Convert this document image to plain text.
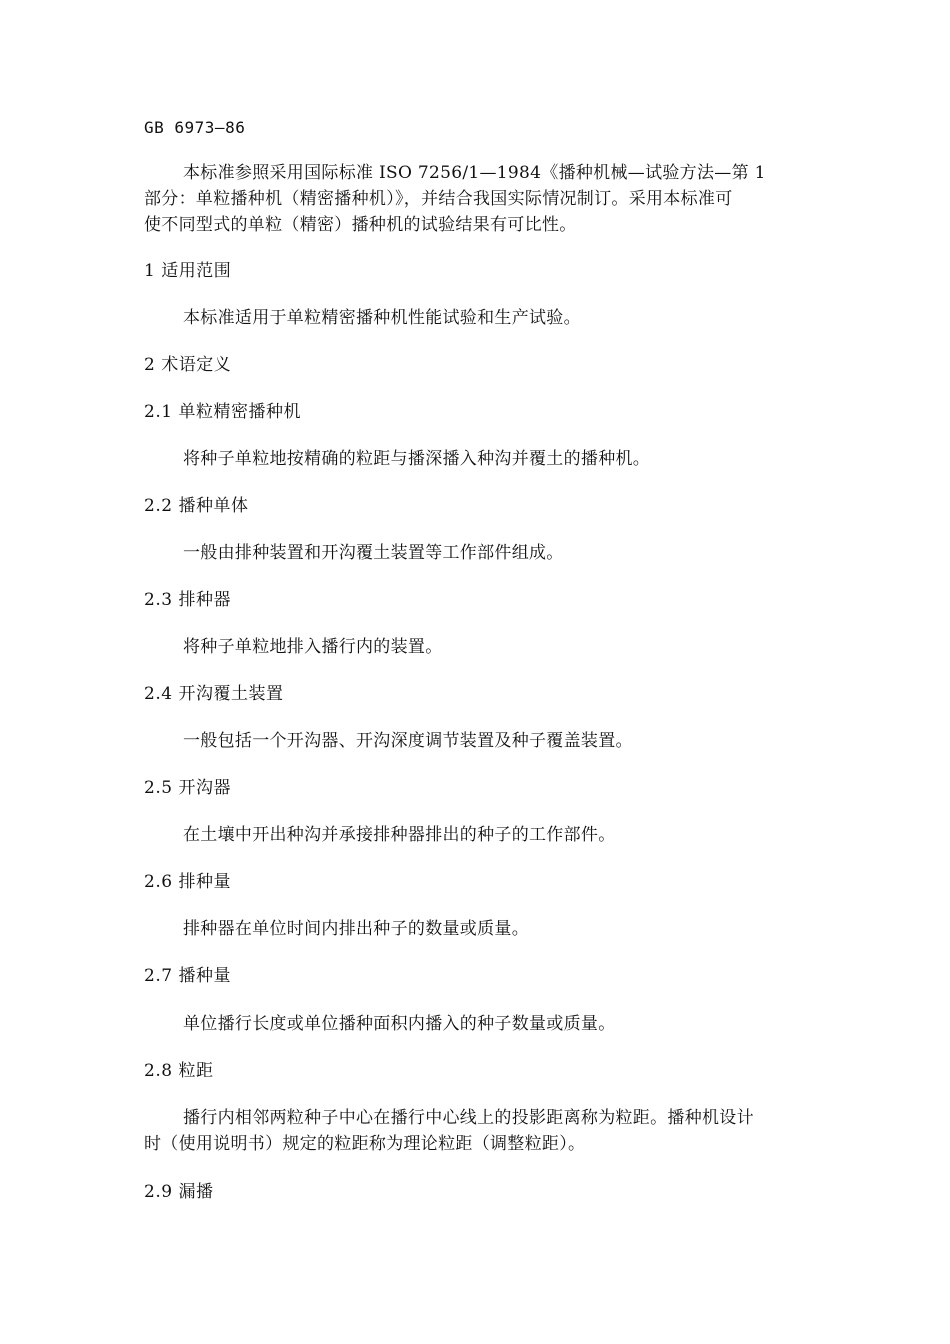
GB 6973—86
本标准参照采用国际标准 ISO 7256/1—1984《播种机械—试验方法—第 1
部分：单粒播种机（精密播种机）》，并结合我国实际情况制订。采用本标准可
使不同型式的单粒（精密）播种机的试验结果有可比性。
1 适用范围
本标准适用于单粒精密播种机性能试验和生产试验。
2 术语定义
2.1 单粒精密播种机
将种子单粒地按精确的粒距与播深播入种沟并覆土的播种机。
2.2 播种单体
一般由排种装置和开沟覆土装置等工作部件组成。
2.3 排种器
将种子单粒地排入播行内的装置。
2.4 开沟覆土装置
一般包括一个开沟器、开沟深度调节装置及种子覆盖装置。
2.5 开沟器
在土壤中开出种沟并承接排种器排出的种子的工作部件。
2.6 排种量
排种器在单位时间内排出种子的数量或质量。
2.7 播种量
单位播行长度或单位播种面积内播入的种子数量或质量。
2.8 粒距
播行内相邻两粒种子中心在播行中心线上的投影距离称为粒距。播种机设计
时（使用说明书）规定的粒距称为理论粒距（调整粒距）。
2.9 漏播
